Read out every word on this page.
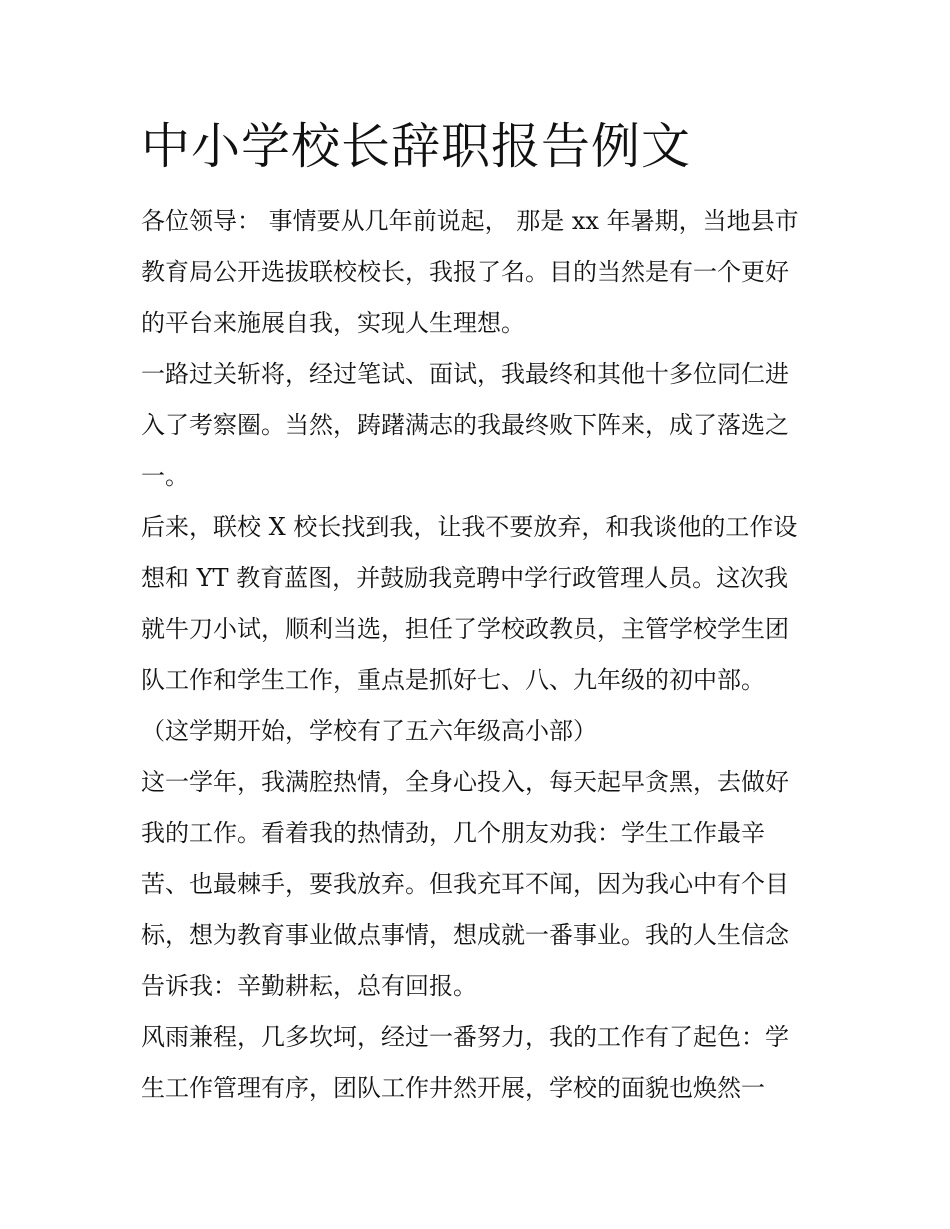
中小学校长辞职报告例文

各位领导： 事情要从几年前说起， 那是 xx 年暑期，当地县市

教育局公开选拔联校校长，我报了名。目的当然是有一个更好

的平台来施展自我，实现人生理想。

一路过关斩将，经过笔试、面试，我最终和其他十多位同仁进

入了考察圈。当然，踌躇满志的我最终败下阵来，成了落选之

一。

后来，联校 X 校长找到我，让我不要放弃，和我谈他的工作设

想和 YT 教育蓝图，并鼓励我竞聘中学行政管理人员。这次我

就牛刀小试，顺利当选，担任了学校政教员，主管学校学生团

队工作和学生工作，重点是抓好七、八、九年级的初中部。

（这学期开始，学校有了五六年级高小部）

这一学年，我满腔热情，全身心投入，每天起早贪黑，去做好

我的工作。看着我的热情劲，几个朋友劝我：学生工作最辛

苦、也最棘手，要我放弃。但我充耳不闻，因为我心中有个目

标，想为教育事业做点事情，想成就一番事业。我的人生信念

告诉我：辛勤耕耘，总有回报。

风雨兼程，几多坎坷，经过一番努力，我的工作有了起色：学

生工作管理有序，团队工作井然开展，学校的面貌也焕然一
